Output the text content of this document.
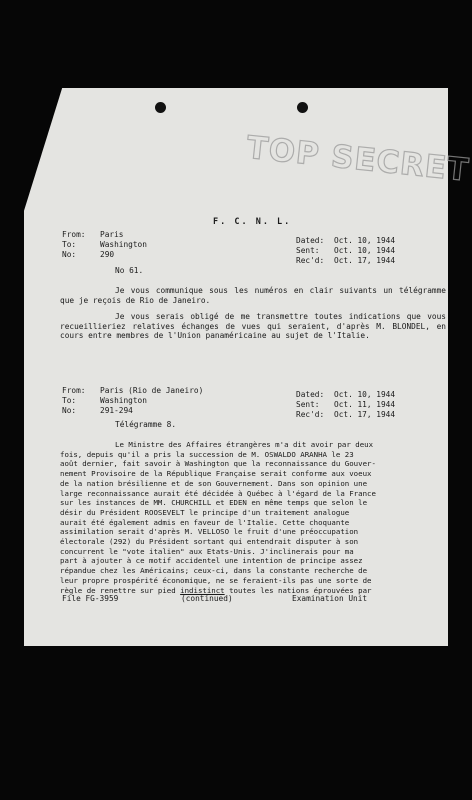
TOP SECRET
F. C. N. L.
From: Paris
To:	Washington
No:	290
Dated: Oct. 10, 1944
Sent: Oct. 10, 1944
Rec'd: Oct. 17, 1944
No 61.
Je vous communique sous les numéros en clair suivants un télégramme que je reçois de Rio de Janeiro.
Je vous serais obligé de me transmettre toutes indications que vous recueillieriez relatives échanges de vues qui seraient, d'après M. BLONDEL, en cours entre membres de l'Union panaméricaine au sujet de l'Italie.
From: Paris (Rio de Janeiro)
To:	Washington
No:	291-294
Dated: Oct. 10, 1944
Sent: Oct. 11, 1944
Rec'd: Oct. 17, 1944
Télégramme 8.
Le Ministre des Affaires étrangères m'a dit avoir par deux
fois, depuis qu'il a pris la succession de M. OSWALDO ARANHA le 23
août dernier, fait savoir à Washington que la reconnaissance du Gouver-
nement Provisoire de la République Française serait conforme aux voeux
de la nation brésilienne et de son Gouvernement. Dans son opinion une
large reconnaissance aurait été décidée à Québec à l'égard de la France
sur les instances de MM. CHURCHILL et EDEN en même temps que selon le
désir du Président ROOSEVELT le principe d'un traitement analogue
aurait été également admis en faveur de l'Italie. Cette choquante
assimilation serait d'après M. VELLOSO le fruit d'une préoccupation
électorale (292) du Président sortant qui entendrait disputer à son
concurrent le "vote italien" aux Etats-Unis. J'inclinerais pour ma
part à ajouter à ce motif accidentel une intention de principe assez
répandue chez les Américains; ceux-ci, dans la constante recherche de
leur propre prospérité économique, ne se feraient-ils pas une sorte de
règle de renettre sur pied indistinct toutes les nations éprouvées par
File FG-3959	(continued)	Examination Unit
